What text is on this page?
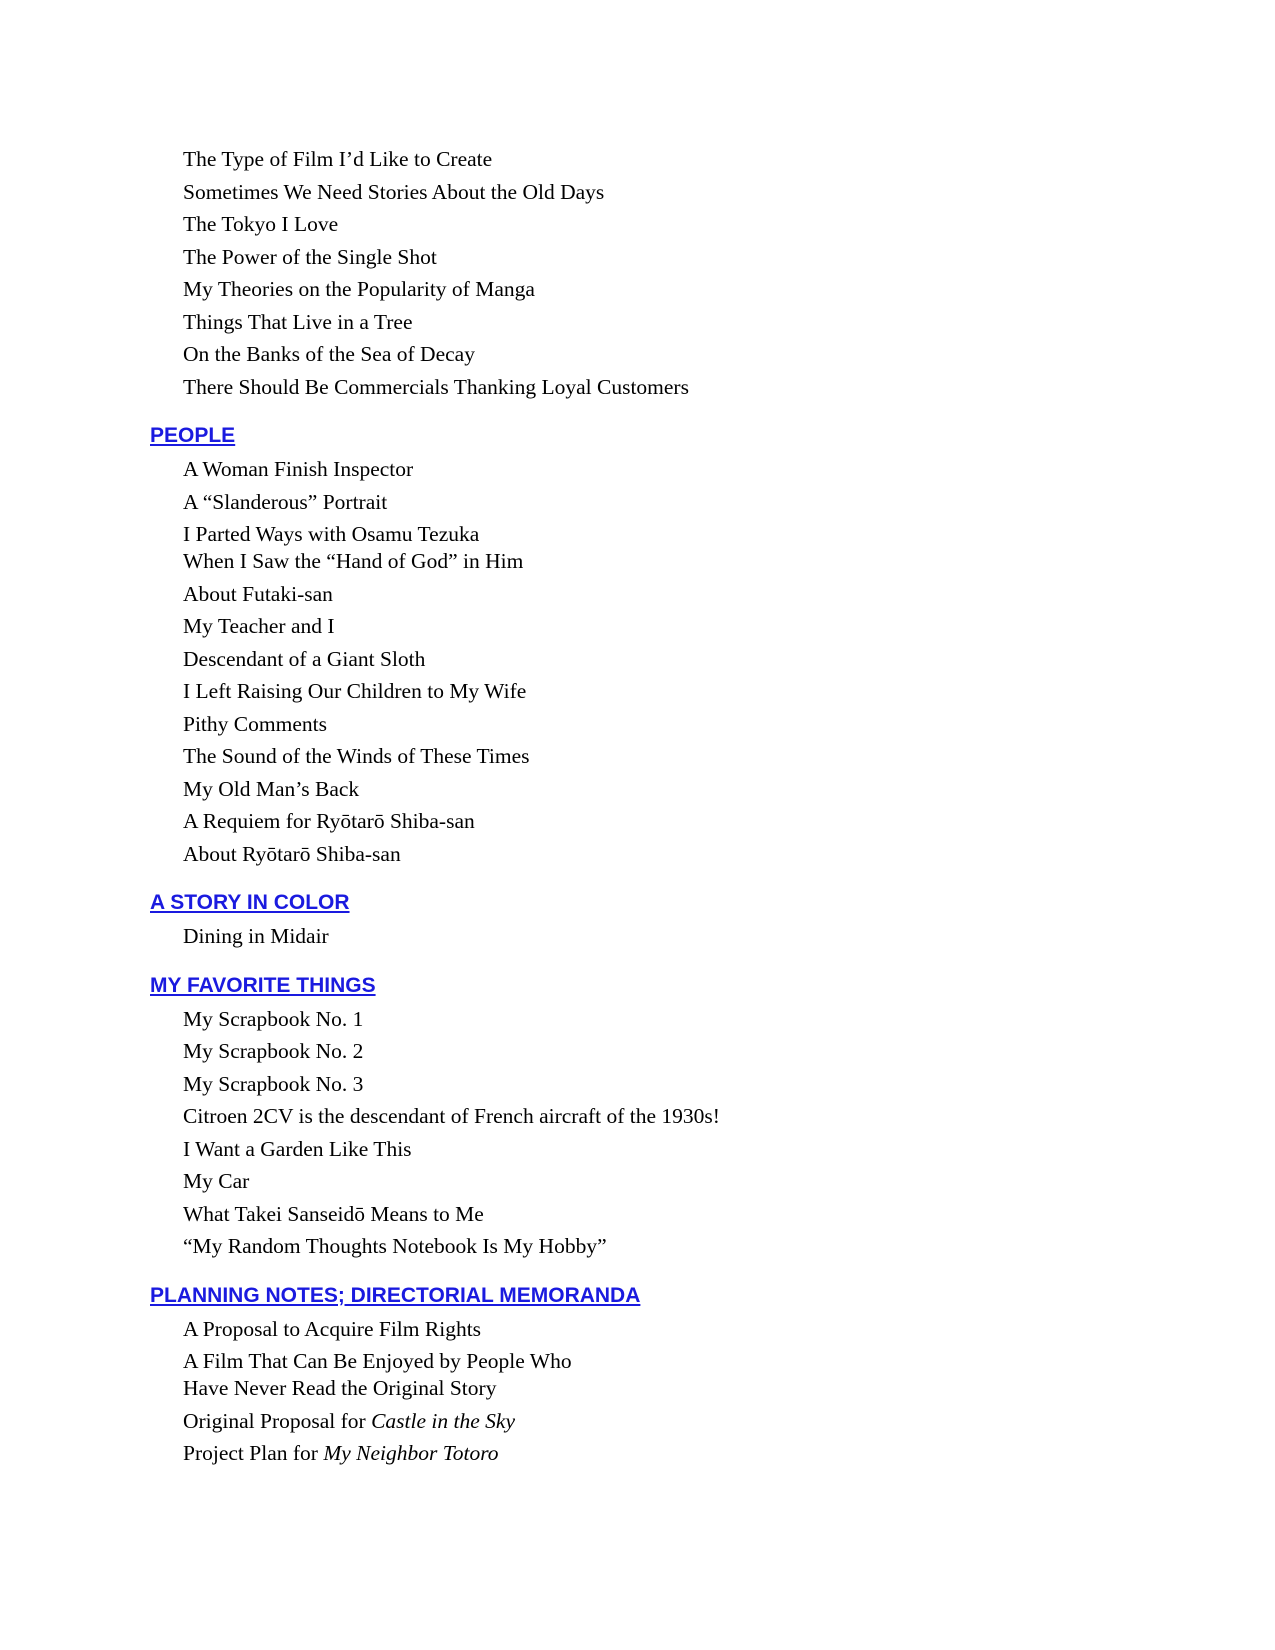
The Type of Film I’d Like to Create
Sometimes We Need Stories About the Old Days
The Tokyo I Love
The Power of the Single Shot
My Theories on the Popularity of Manga
Things That Live in a Tree
On the Banks of the Sea of Decay
There Should Be Commercials Thanking Loyal Customers
PEOPLE
A Woman Finish Inspector
A “Slanderous” Portrait
I Parted Ways with Osamu Tezuka
When I Saw the “Hand of God” in Him
About Futaki-san
My Teacher and I
Descendant of a Giant Sloth
I Left Raising Our Children to My Wife
Pithy Comments
The Sound of the Winds of These Times
My Old Man’s Back
A Requiem for Ryōtarō Shiba-san
About Ryōtarō Shiba-san
A STORY IN COLOR
Dining in Midair
MY FAVORITE THINGS
My Scrapbook No. 1
My Scrapbook No. 2
My Scrapbook No. 3
Citroen 2CV is the descendant of French aircraft of the 1930s!
I Want a Garden Like This
My Car
What Takei Sanseidō Means to Me
“My Random Thoughts Notebook Is My Hobby”
PLANNING NOTES; DIRECTORIAL MEMORANDA
A Proposal to Acquire Film Rights
A Film That Can Be Enjoyed by People Who
Have Never Read the Original Story
Original Proposal for Castle in the Sky
Project Plan for My Neighbor Totoro
